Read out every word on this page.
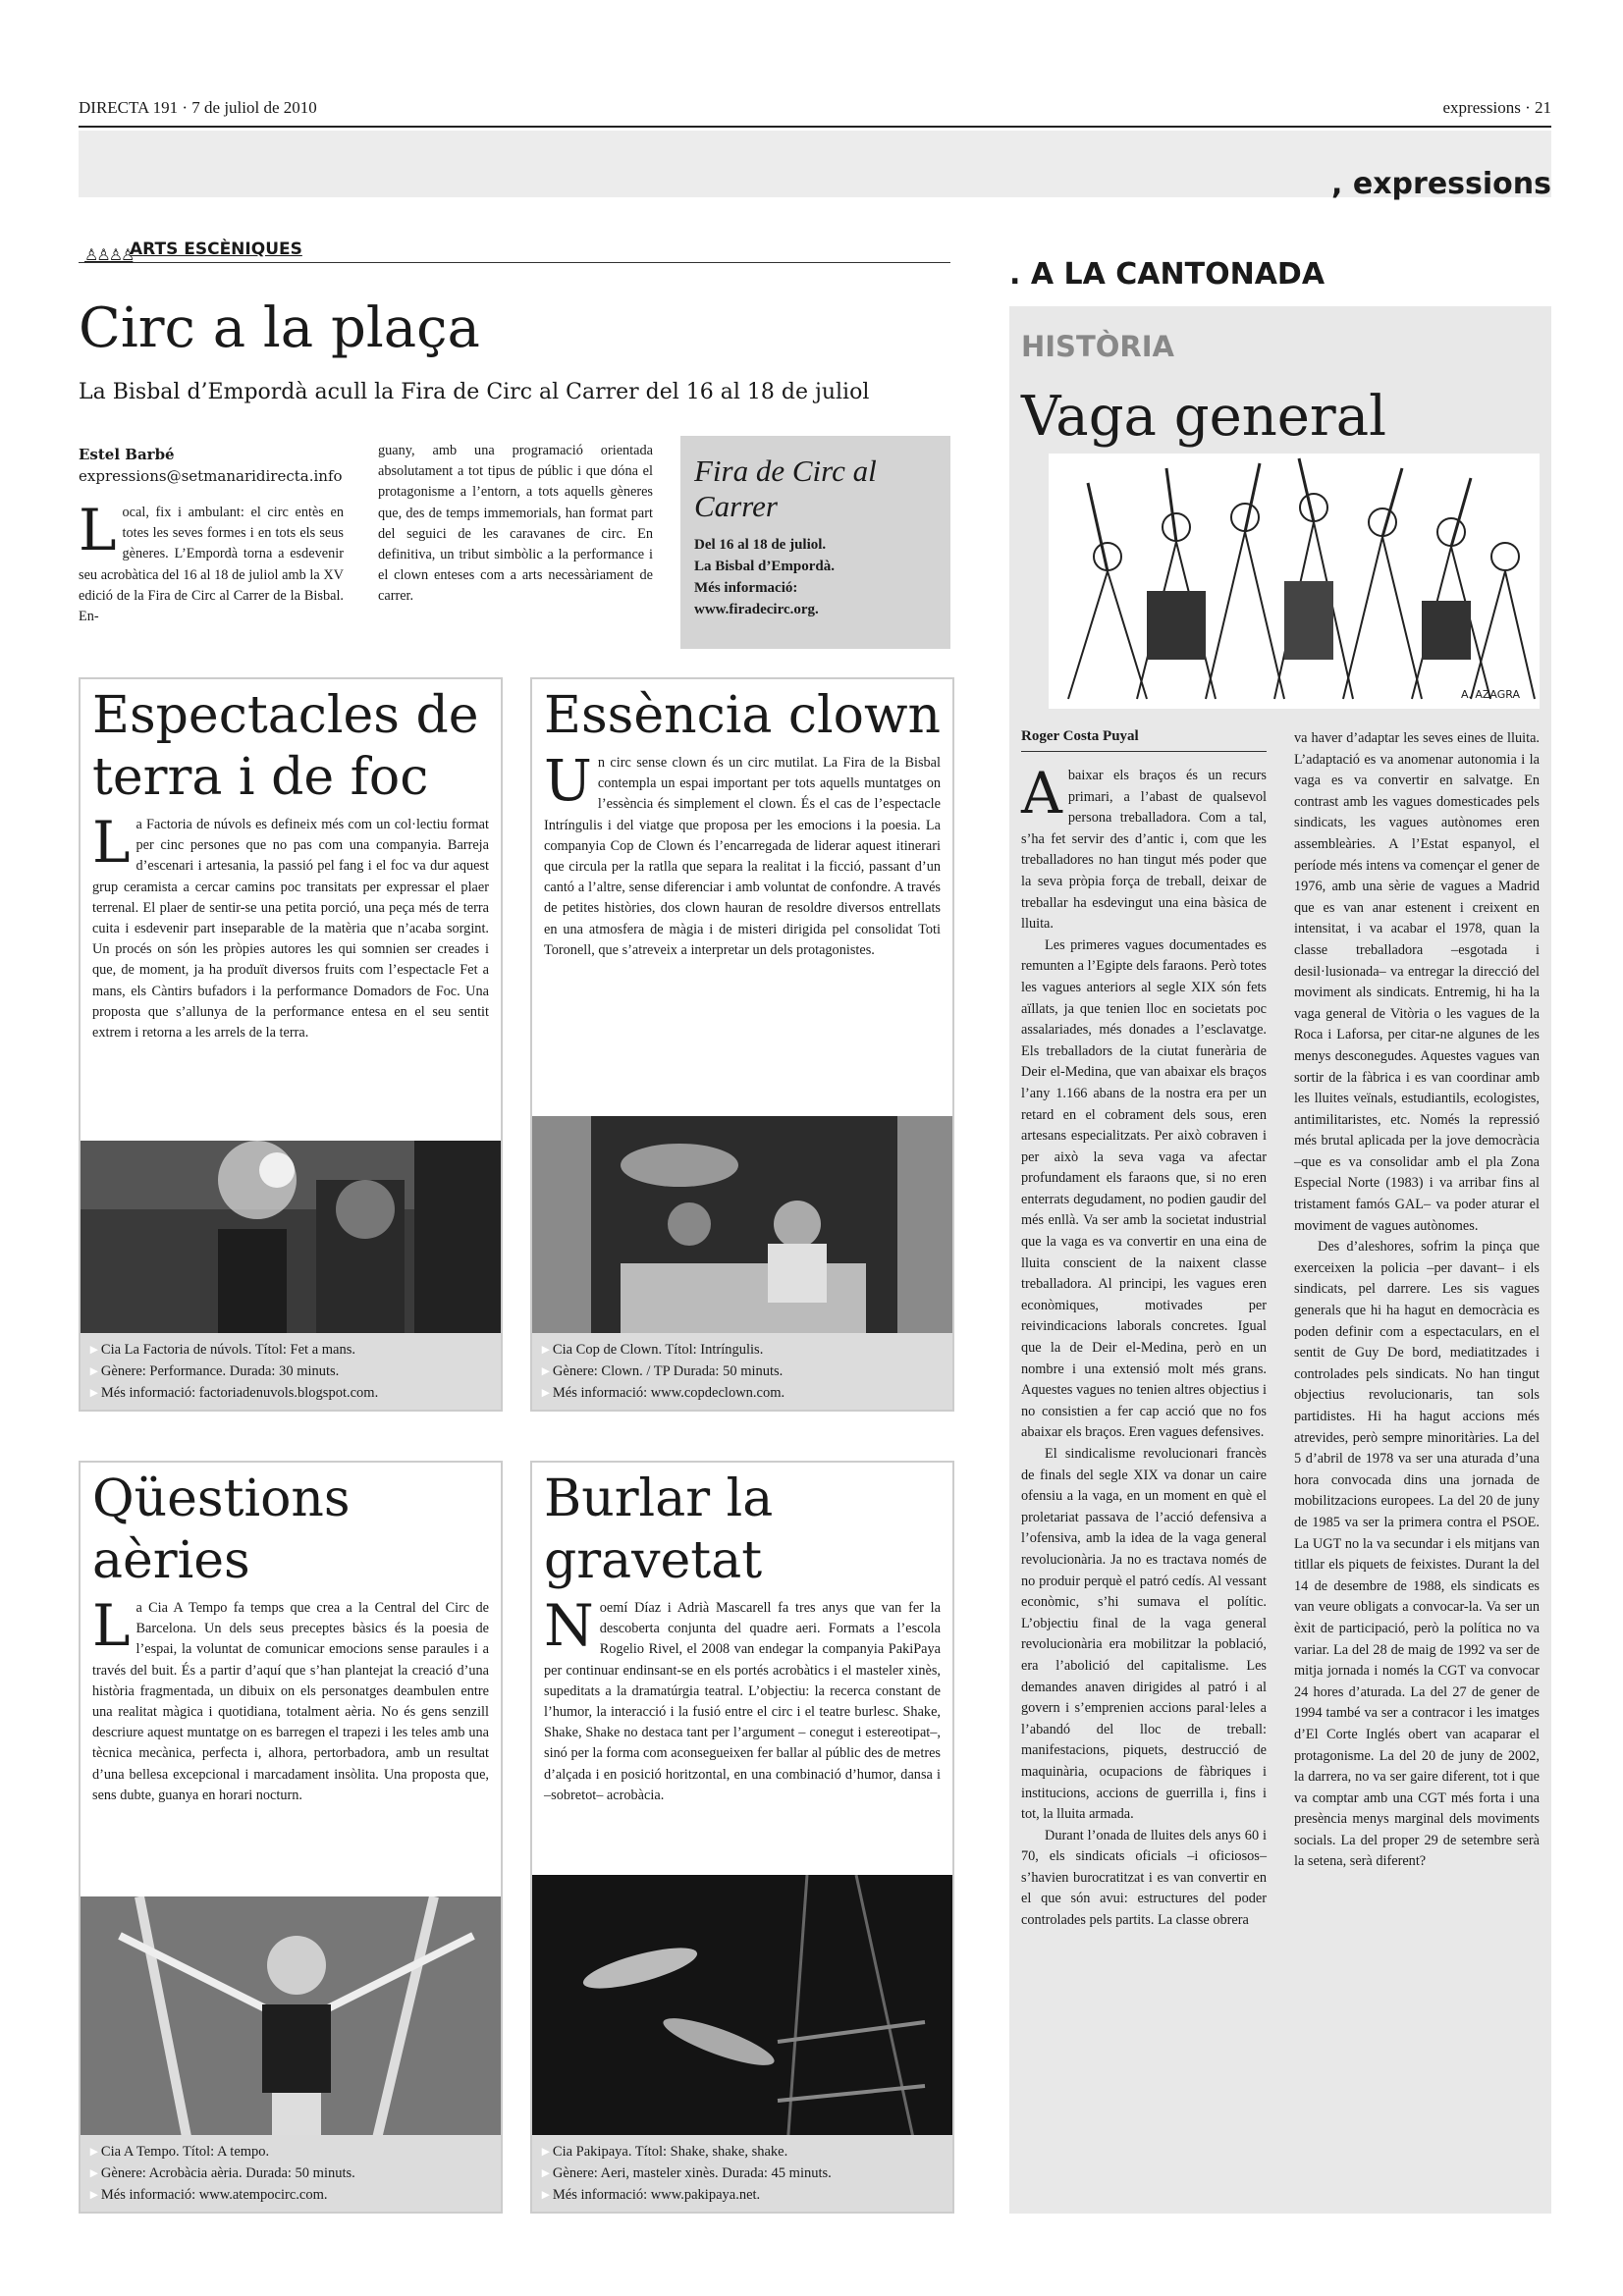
DIRECTA 191 · 7 de juliol de 2010	expressions · 21
, expressions
♙♙♙♙
ARTS ESCÈNIQUES
Circ a la plaça
La Bisbal d’Empordà acull la Fira de Circ al Carrer del 16 al 18 de juliol
Estel Barbé
expressions@setmanaridirecta.info
Local, fix i ambulant: el circ entès en totes les seves formes i en tots els seus gèneres. L’Empordà torna a esdevenir seu acrobàtica del 16 al 18 de juliol amb la XV edició de la Fira de Circ al Carrer de la Bisbal. En-
guany, amb una programació orientada absolutament a tot tipus de públic i que dóna el protagonisme a l’entorn, a tots aquells gèneres que, des de temps immemorials, han format part del seguici de les caravanes de circ. En definitiva, un tribut simbòlic a la performance i el clown enteses com a arts necessàriament de carrer.
Fira de Circ al Carrer

Del 16 al 18 de juliol.

La Bisbal d’Empordà.

Més informació:

www.firadecirc.org.

Espectacles de terra i de foc
La Factoria de núvols es defineix més com un col·lectiu format per cinc persones que no pas com una companyia. Barreja d’escenari i artesania, la passió pel fang i el foc va dur aquest grup ceramista a cercar camins poc transitats per expressar el plaer terrenal. El plaer de sentir-se una petita porció, una peça més de terra cuita i esdevenir part inseparable de la matèria que n’acaba sorgint. Un procés on són les pròpies autores les qui somnien ser creades i que, de moment, ja ha produït diversos fruits com l’espectacle Fet a mans, els Càntirs bufadors i la performance Domadors de Foc. Una proposta que s’allunya de la performance entesa en el seu sentit extrem i retorna a les arrels de la terra.
▸ Cia La Factoria de núvols. Títol: Fet a mans.
▸ Gènere: Performance. Durada: 30 minuts.
▸ Més informació: factoriadenuvols.blogspot.com.
Essència clown
Un circ sense clown és un circ mutilat. La Fira de la Bisbal contempla un espai important per tots aquells muntatges on l’essència és simplement el clown. És el cas de l’espectacle Intríngulis i del viatge que proposa per les emocions i la poesia. La companyia Cop de Clown és l’encarregada de liderar aquest itinerari que circula per la ratlla que separa la realitat i la ficció, passant d’un cantó a l’altre, sense diferenciar i amb voluntat de confondre. A través de petites històries, dos clown hauran de resoldre diversos entrellats en una atmosfera de màgia i de misteri dirigida pel consolidat Toti Toronell, que s’atreveix a interpretar un dels protagonistes.
▸ Cia Cop de Clown. Títol: Intríngulis.
▸ Gènere: Clown. / TP Durada: 50 minuts.
▸ Més informació: www.copdeclown.com.
Qüestions aèries
La Cia A Tempo fa temps que crea a la Central del Circ de Barcelona. Un dels seus preceptes bàsics és la poesia de l’espai, la voluntat de comunicar emocions sense paraules i a través del buit. És a partir d’aquí que s’han plantejat la creació d’una història fragmentada, un dibuix on els personatges deambulen entre una realitat màgica i quotidiana, totalment aèria. No és gens senzill descriure aquest muntatge on es barregen el trapezi i les teles amb una tècnica mecànica, perfecta i, alhora, pertorbadora, amb un resultat d’una bellesa excepcional i marcadament insòlita. Una proposta que, sens dubte, guanya en horari nocturn.
▸ Cia A Tempo. Títol: A tempo.
▸ Gènere: Acrobàcia aèria. Durada: 50 minuts.
▸ Més informació: www.atempocirc.com.
Burlar la gravetat
Noemí Díaz i Adrià Mascarell fa tres anys que van fer la descoberta conjunta del quadre aeri. Formats a l’escola Rogelio Rivel, el 2008 van endegar la companyia PakiPaya per continuar endinsant-se en els portés acrobàtics i el masteler xinès, supeditats a la dramatúrgia teatral. L’objectiu: la recerca constant de l’humor, la interacció i la fusió entre el circ i el teatre burlesc. Shake, Shake, Shake no destaca tant per l’argument – conegut i estereotipat–, sinó per la forma com aconsegueixen fer ballar al públic des de metres d’alçada i en posició horitzontal, en una combinació d’humor, dansa i –sobretot– acrobàcia.
▸ Cia Pakipaya. Títol: Shake, shake, shake.
▸ Gènere: Aeri, masteler xinès. Durada: 45 minuts.
▸ Més informació: www.pakipaya.net.
. A LA CANTONADA
HISTÒRIA
Vaga general
A. AZAGRA
Roger Costa Puyal

Abaixar els braços és un recurs primari, a l’abast de qualsevol persona treballadora. Com a tal, s’ha fet servir des d’antic i, com que les treballadores no han tingut més poder que la seva pròpia força de treball, deixar de treballar ha esdevingut una eina bàsica de lluita.

Les primeres vagues documentades es remunten a l’Egipte dels faraons. Però totes les vagues anteriors al segle XIX són fets aïllats, ja que tenien lloc en societats poc assalariades, més donades a l’esclavatge. Els treballadors de la ciutat funerària de Deir el-Medina, que van abaixar els braços l’any 1.166 abans de la nostra era per un retard en el cobrament dels sous, eren artesans especialitzats. Per això cobraven i per això la seva vaga va afectar profundament els faraons que, si no eren enterrats degudament, no podien gaudir del més enllà. Va ser amb la societat industrial que la vaga es va convertir en una eina de lluita conscient de la naixent classe treballadora. Al principi, les vagues eren econòmiques, motivades per reivindicacions laborals concretes. Igual que la de Deir el-Medina, però en un nombre i una extensió molt més grans. Aquestes vagues no tenien altres objectius i no consistien a fer cap acció que no fos abaixar els braços. Eren vagues defensives.

El sindicalisme revolucionari francès de finals del segle XIX va donar un caire ofensiu a la vaga, en un moment en què el proletariat passava de l’acció defensiva a l’ofensiva, amb la idea de la vaga general revolucionària. Ja no es tractava només de no produir perquè el patró cedís. Al vessant econòmic, s’hi sumava el polític. L’objectiu final de la vaga general revolucionària era mobilitzar la població, era l’abolició del capitalisme. Les demandes anaven dirigides al patró i al govern i s’emprenien accions paral·leles a l’abandó del lloc de treball: manifestacions, piquets, destrucció de maquinària, ocupacions de fàbriques i institucions, accions de guerrilla i, fins i tot, la lluita armada.

Durant l’onada de lluites dels anys 60 i 70, els sindicats oficials –i oficiosos– s’havien burocratitzat i es van convertir en el que són avui: estructures del poder controlades pels partits. La classe obrera

va haver d’adaptar les seves eines de lluita. L’adaptació es va anomenar autonomia i la vaga es va convertir en salvatge. En contrast amb les vagues domesticades pels sindicats, les vagues autònomes eren assembleàries. A l’Estat espanyol, el període més intens va començar el gener de 1976, amb una sèrie de vagues a Madrid que es van anar estenent i creixent en intensitat, i va acabar el 1978, quan la classe treballadora –esgotada i desil·lusionada– va entregar la direcció del moviment als sindicats. Entremig, hi ha la vaga general de Vitòria o les vagues de la Roca i Laforsa, per citar-ne algunes de les menys desconegudes. Aquestes vagues van sortir de la fàbrica i es van coordinar amb les lluites veïnals, estudiantils, ecologistes, antimilitaristes, etc. Només la repressió més brutal aplicada per la jove democràcia –que es va consolidar amb el pla Zona Especial Norte (1983) i va arribar fins al tristament famós GAL– va poder aturar el moviment de vagues autònomes.

Des d’aleshores, sofrim la pinça que exerceixen la policia –per davant– i els sindicats, pel darrere. Les sis vagues generals que hi ha hagut en democràcia es poden definir com a espectaculars, en el sentit de Guy De bord, mediatitzades i controlades pels sindicats. No han tingut objectius revolucionaris, tan sols partidistes. Hi ha hagut accions més atrevides, però sempre minoritàries. La del 5 d’abril de 1978 va ser una aturada d’una hora convocada dins una jornada de mobilitzacions europees. La del 20 de juny de 1985 va ser la primera contra el PSOE. La UGT no la va secundar i els mitjans van titllar els piquets de feixistes. Durant la del 14 de desembre de 1988, els sindicats es van veure obligats a convocar-la. Va ser un èxit de participació, però la política no va variar. La del 28 de maig de 1992 va ser de mitja jornada i només la CGT va convocar 24 hores d’aturada. La del 27 de gener de 1994 també va ser a contracor i les imatges d’El Corte Inglés obert van acaparar el protagonisme. La del 20 de juny de 2002, la darrera, no va ser gaire diferent, tot i que va comptar amb una CGT més forta i una presència menys marginal dels moviments socials. La del proper 29 de setembre serà la setena, serà diferent?
